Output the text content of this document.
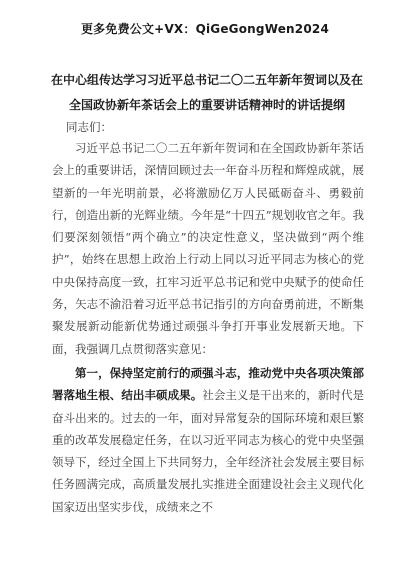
更多免费公文+VX：QiGeGongWen2024
在中心组传达学习习近平总书记二〇二五年新年贺词以及在全国政协新年茶话会上的重要讲话精神时的讲话提纲
同志们：

习近平总书记二〇二五年新年贺词和在全国政协新年茶话会上的重要讲话，深情回顾过去一年奋斗历程和辉煌成就，展望新的一年光明前景，必将激励亿万人民砥砺奋斗、勇毅前行，创造出新的光辉业绩。今年是“十四五”规划收官之年。我们要深刻领悟“两个确立”的决定性意义，坚决做到“两个维护”，始终在思想上政治上行动上同以习近平同志为核心的党中央保持高度一致，扛牢习近平总书记和党中央赋予的使命任务，矢志不渝沿着习近平总书记指引的方向奋勇前进，不断集聚发展新动能新优势通过顽强斗争打开事业发展新天地。下面，我强调几点贯彻落实意见：

第一，保持坚定前行的顽强斗志，推动党中央各项决策部署落地生根、结出丰硕成果。社会主义是干出来的，新时代是奋斗出来的。过去的一年，面对异常复杂的国际环境和艰巨繁重的改革发展稳定任务，在以习近平同志为核心的党中央坚强领导下，经过全国上下共同努力，全年经济社会发展主要目标任务圆满完成，高质量发展扎实推进全面建设社会主义现代化国家迈出坚实步伐，成绩来之不
